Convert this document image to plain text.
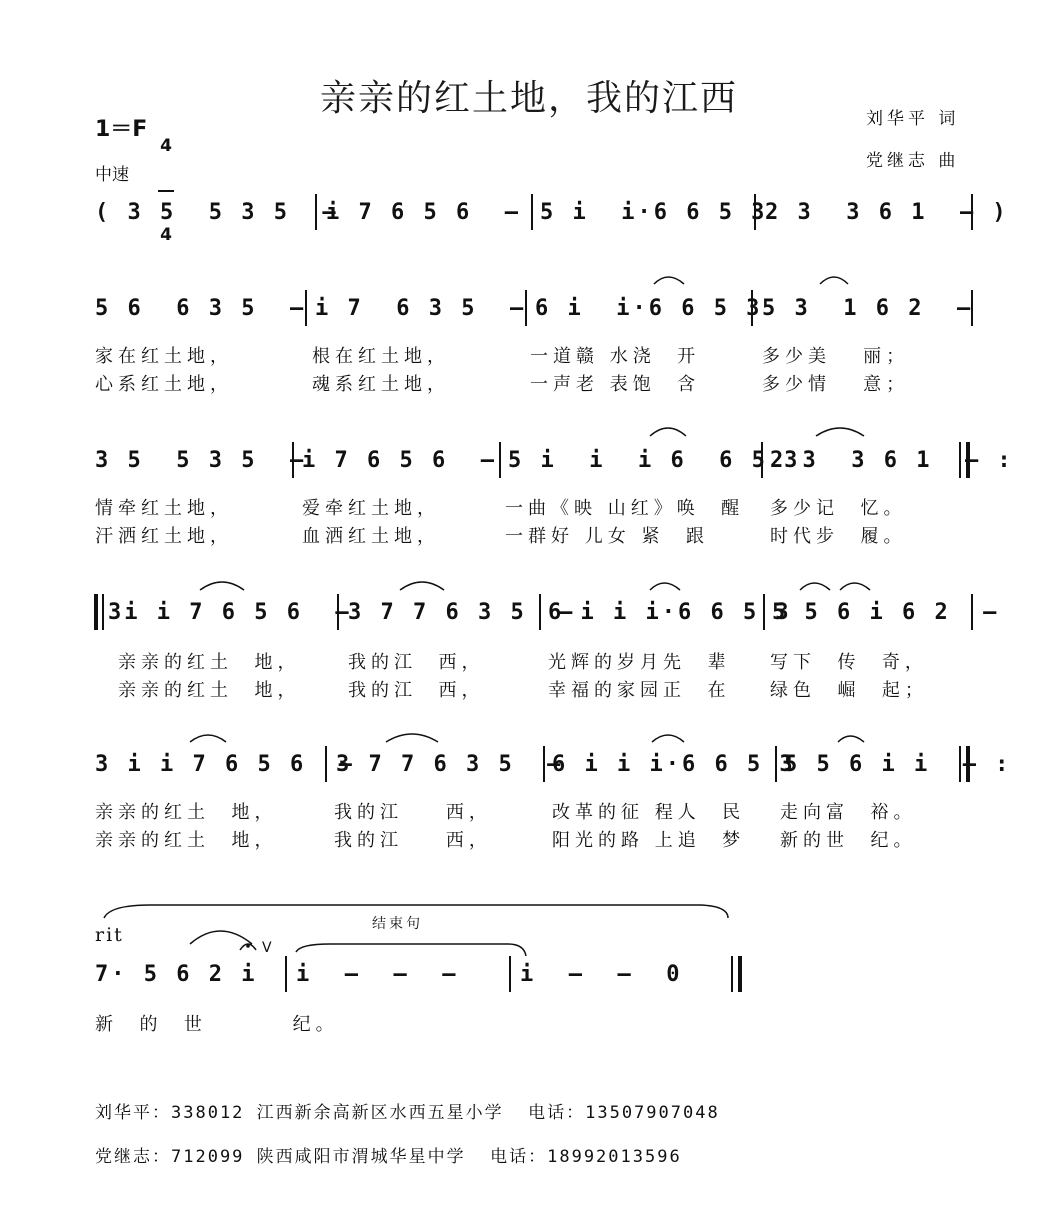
亲亲的红土地，我的江西	刘华平 词
党继志 曲
1＝F

4

4

中速
( 3 5  5 3 5  –
i 7 6 5 6  – 5 i  i·6 6 5 3
2 3  3 6 1  – )
5 6  6 3 5  – i 7  6 3 5  – 6 i  i·6 6 5 3 5 3  1 6 2  –
家在红土地，	根在红土地，	一道赣 水浇  开	多少美   丽；
心系红土地，	魂系红土地，	一声老 表饱  含	多少情   意；
3 5  5 3 5  –
i 7 6 5 6  – 5 i  i  i 6  6 5 3
2 3  3 6 1  – :
情牵红土地，	爱牵红土地，	一曲《映 山红》唤  醒 多少记  忆。
汗洒红土地，	血洒红土地，	一群好 儿女 紧  跟	时代步  履。
3i i 7 6 5 6  –
3 7 7 6 3 5  –
6 i i i·6 6 5 3
5 5 6 i 6 2  –
亲亲的红土  地，	我的江  西，	光辉的岁月先  辈 写下  传  奇，
亲亲的红土  地，	我的江  西，	幸福的家园正  在 绿色  崛  起；
3 i i 7 6 5 6  –
3 7 7 6 3 5  –
6 i i i·6 6 5 3
5 5 6 i i  – :
亲亲的红土  地，	我的江    西，	改革的征 程人  民 走向富  裕。
亲亲的红土  地，	我的江    西，	阳光的路 上追  梦 新的世  纪。
rit	结束句
7· 5 6 2 i i  –  –  –	i  –  –  0
新  的  世        纪。
刘华平：338012 江西新余高新区水西五星小学  电话：13507907048
党继志：712099 陕西咸阳市渭城华星中学  电话：18992013596
V
